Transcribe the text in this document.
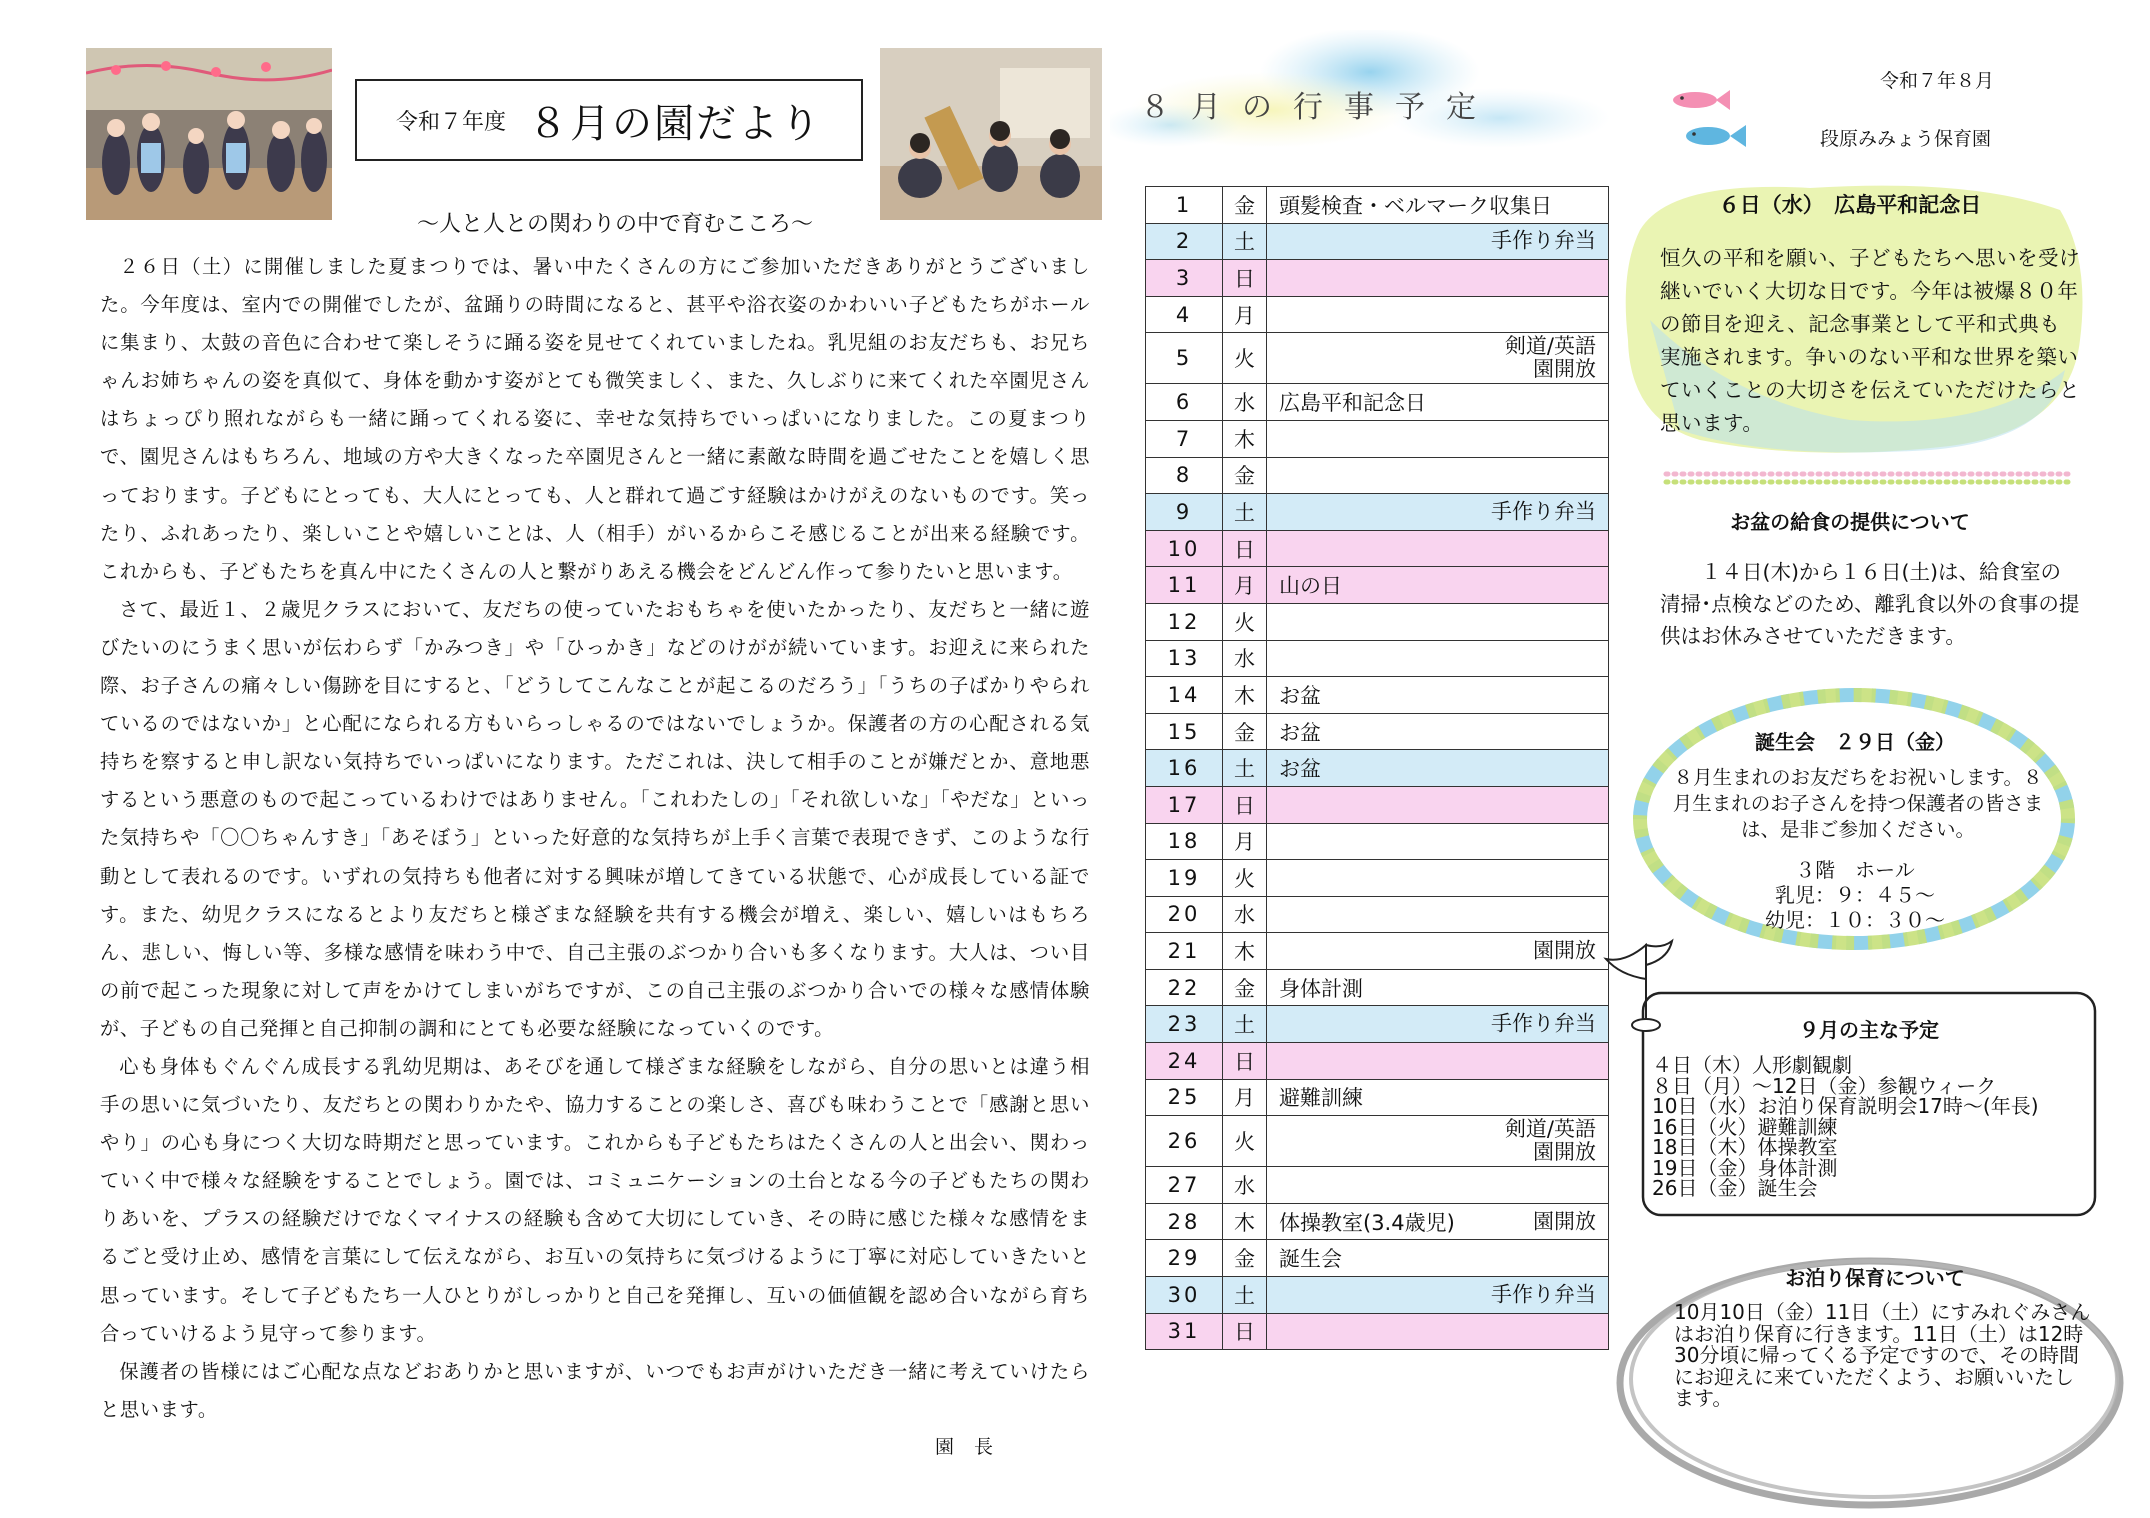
令和７年度 ８月の園だより
〜人と人との関わりの中で育むこころ〜

２６日（土）に開催しました夏まつりでは、暑い中たくさんの方にご参加いただきありがとうございました。今年度は、室内での開催でしたが、盆踊りの時間になると、甚平や浴衣姿のかわいい子どもたちがホールに集まり、太鼓の音色に合わせて楽しそうに踊る姿を見せてくれていましたね。乳児組のお友だちも、お兄ちゃんお姉ちゃんの姿を真似て、身体を動かす姿がとても微笑ましく、また、久しぶりに来てくれた卒園児さんはちょっぴり照れながらも一緒に踊ってくれる姿に、幸せな気持ちでいっぱいになりました。この夏まつりで、園児さんはもちろん、地域の方や大きくなった卒園児さんと一緒に素敵な時間を過ごせたことを嬉しく思っております。子どもにとっても、大人にとっても、人と群れて過ごす経験はかけがえのないものです。笑ったり、ふれあったり、楽しいことや嬉しいことは、人（相手）がいるからこそ感じることが出来る経験です。これからも、子どもたちを真ん中にたくさんの人と繋がりあえる機会をどんどん作って参りたいと思います。

さて、最近１、２歳児クラスにおいて、友だちの使っていたおもちゃを使いたかったり、友だちと一緒に遊びたいのにうまく思いが伝わらず「かみつき」や「ひっかき」などのけがが続いています。お迎えに来られた際、お子さんの痛々しい傷跡を目にすると、「どうしてこんなことが起こるのだろう」「うちの子ばかりやられているのではないか」と心配になられる方もいらっしゃるのではないでしょうか。保護者の方の心配される気持ちを察すると申し訳ない気持ちでいっぱいになります。ただこれは、決して相手のことが嫌だとか、意地悪するという悪意のもので起こっているわけではありません。「これわたしの」「それ欲しいな」「やだな」といった気持ちや「〇〇ちゃんすき」「あそぼう」といった好意的な気持ちが上手く言葉で表現できず、このような行動として表れるのです。いずれの気持ちも他者に対する興味が増してきている状態で、心が成長している証です。また、幼児クラスになるとより友だちと様ざまな経験を共有する機会が増え、楽しい、嬉しいはもちろん、悲しい、悔しい等、多様な感情を味わう中で、自己主張のぶつかり合いも多くなります。大人は、つい目の前で起こった現象に対して声をかけてしまいがちですが、この自己主張のぶつかり合いでの様々な感情体験が、子どもの自己発揮と自己抑制の調和にとても必要な経験になっていくのです。

心も身体もぐんぐん成長する乳幼児期は、あそびを通して様ざまな経験をしながら、自分の思いとは違う相手の思いに気づいたり、友だちとの関わりかたや、協力することの楽しさ、喜びも味わうことで「感謝と思いやり」の心も身につく大切な時期だと思っています。これからも子どもたちはたくさんの人と出会い、関わっていく中で様々な経験をすることでしょう。園では、コミュニケーションの土台となる今の子どもたちの関わりあいを、プラスの経験だけでなくマイナスの経験も含めて大切にしていき、その時に感じた様々な感情をまるごと受け止め、感情を言葉にして伝えながら、お互いの気持ちに気づけるように丁寧に対応していきたいと思っています。そして子どもたち一人ひとりがしっかりと自己を発揮し、互いの価値観を認め合いながら育ち合っていけるよう見守って参ります。

保護者の皆様にはご心配な点などおありかと思いますが、いつでもお声がけいただき一緒に考えていけたらと思います。

園長
８月の行事予定
1	金	頭髪検査・ベルマーク収集日

2	土	手作り弁当

3	日	

4	月	

5	火	剣道/英語
園開放

6	水	広島平和記念日

7	木	

8	金	

9	土	手作り弁当

10	日	

11	月	山の日

12	火	

13	水	

14	木	お盆

15	金	お盆

16	土	お盆

17	日	

18	月	

19	火	

20	水	

21	木	園開放

22	金	身体計測

23	土	手作り弁当

24	日	

25	月	避難訓練

26	火	剣道/英語
園開放

27	水	

28	木	体操教室(3.4歳児) 園開放

29	金	誕生会

30	土	手作り弁当

31	日	
令和７年８月
段原みみょう保育園
６日（水）　広島平和記念日
恒久の平和を願い、子どもたちへ思いを受け継いでいく大切な日です。今年は被爆８０年の節目を迎え、記念事業として平和式典も実施されます。争いのない平和な世界を築いていくことの大切さを伝えていただけたらと思います。
お盆の給食の提供について

１４日(木)から１６日(土)は、給食室の清掃･点検などのため、離乳食以外の食事の提供はお休みさせていただきます。

誕生会　２９日（金）
８月生まれのお友だちをお祝いします。８月生まれのお子さんを持つ保護者の皆さまは、是非ご参加ください。
３階　ホール
乳児：９：４５〜
幼児：１０：３０〜
９月の主な予定
４日（木）人形劇観劇
８日（月）〜12日（金）参観ウィーク
10日（水）お泊り保育説明会17時〜(年長)
16日（火）避難訓練
18日（木）体操教室
19日（金）身体計測
26日（金）誕生会
お泊り保育について
10月10日（金）11日（土）にすみれぐみさんはお泊り保育に行きます。11日（土）は12時30分頃に帰ってくる予定ですので、その時間にお迎えに来ていただくよう、お願いいたします。
